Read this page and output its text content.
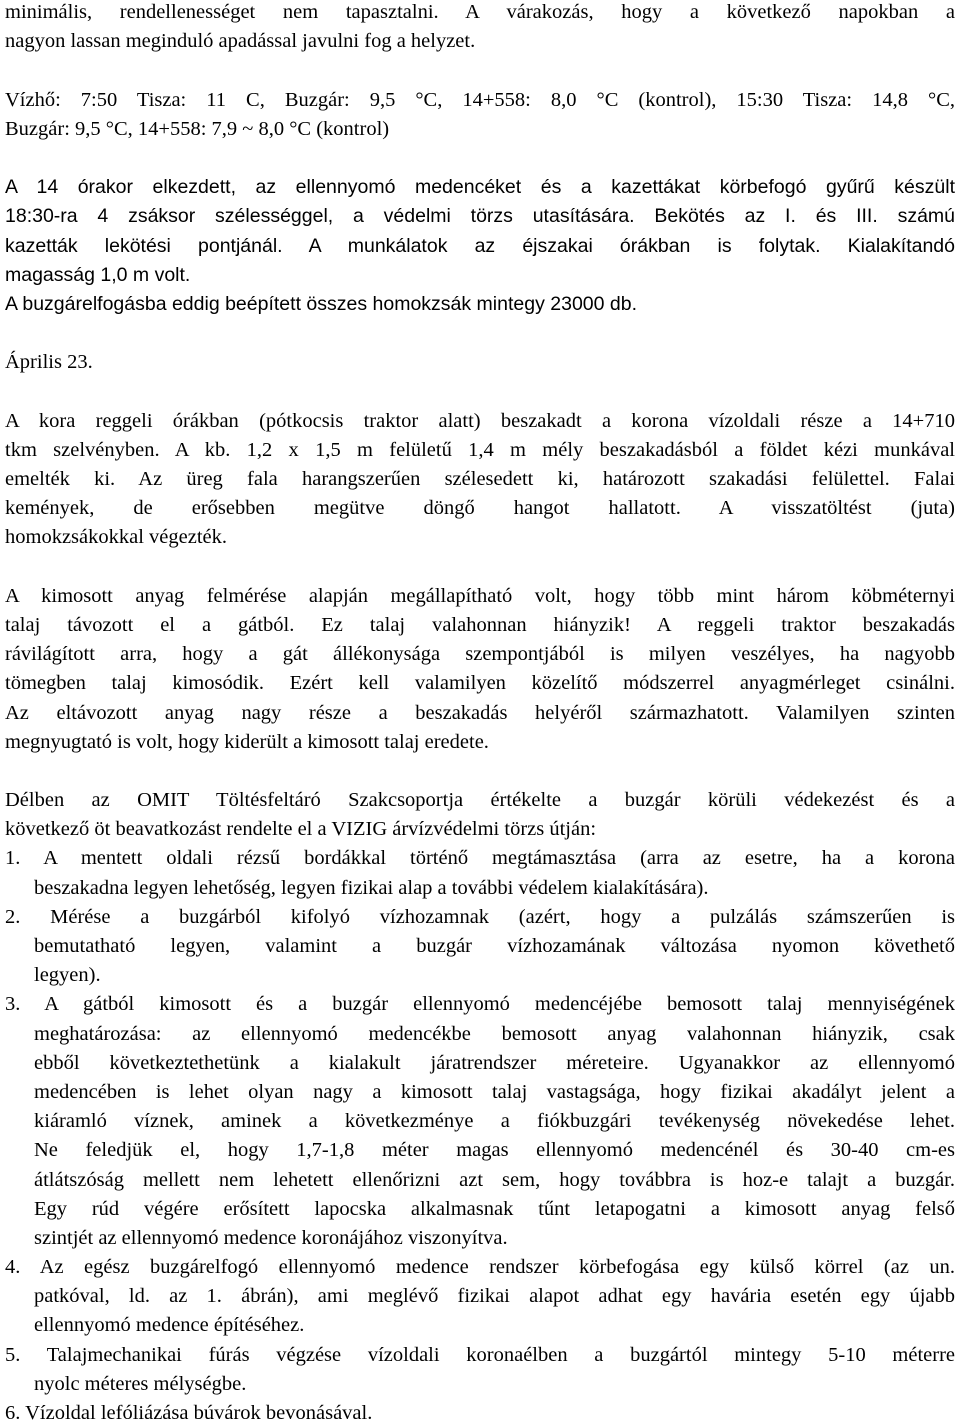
minimális, rendellenességet nem tapasztalni. A várakozás, hogy a következő napokban a
nagyon lassan meginduló apadással javulni fog a helyzet.
Vízhő: 7:50 Tisza: 11 C, Buzgár: 9,5 °C, 14+558: 8,0 °C (kontrol), 15:30 Tisza: 14,8 °C,
Buzgár: 9,5 °C, 14+558: 7,9 ~ 8,0 °C (kontrol)
A 14 órakor elkezdett, az ellennyomó medencéket és a kazettákat körbefogó gyűrű készült
18:30-ra 4 zsáksor szélességgel, a védelmi törzs utasítására. Bekötés az I. és III. számú
kazetták lekötési pontjánál. A munkálatok az éjszakai órákban is folytak. Kialakítandó
magasság 1,0 m volt.
A buzgárelfogásba eddig beépített összes homokzsák mintegy 23000 db.
Április 23.
A kora reggeli órákban (pótkocsis traktor alatt) beszakadt a korona vízoldali része a 14+710
tkm szelvényben. A kb. 1,2 x 1,5 m felületű 1,4 m mély beszakadásból a földet kézi munkával
emelték ki. Az üreg fala harangszerűen szélesedett ki, határozott szakadási felülettel. Falai
kemények, de erősebben megütve döngő hangot hallatott. A visszatöltést (juta)
homokzsákokkal végezték.
A kimosott anyag felmérése alapján megállapítható volt, hogy több mint három köbméternyi
talaj távozott el a gátból. Ez talaj valahonnan hiányzik! A reggeli traktor beszakadás
rávilágított arra, hogy a gát állékonysága szempontjából is milyen veszélyes, ha nagyobb
tömegben talaj kimosódik. Ezért kell valamilyen közelítő módszerrel anyagmérleget csinálni.
Az eltávozott anyag nagy része a beszakadás helyéről származhatott. Valamilyen szinten
megnyugtató is volt, hogy kiderült a kimosott talaj eredete.
Délben az OMIT Töltésfeltáró Szakcsoportja értékelte a buzgár körüli védekezést és a
következő öt beavatkozást rendelte el a VIZIG árvízvédelmi törzs útján:
1. A mentett oldali rézsű bordákkal történő megtámasztása (arra az esetre, ha a korona
beszakadna legyen lehetőség, legyen fizikai alap a további védelem kialakítására).
2. Mérése a buzgárból kifolyó vízhozamnak (azért, hogy a pulzálás számszerűen is
bemutatható legyen, valamint a buzgár vízhozamának változása nyomon követhető
legyen).
3. A gátból kimosott és a buzgár ellennyomó medencéjébe bemosott talaj mennyiségének
meghatározása: az ellennyomó medencékbe bemosott anyag valahonnan hiányzik, csak
ebből következtethetünk a kialakult járatrendszer méreteire. Ugyanakkor az ellennyomó
medencében is lehet olyan nagy a kimosott talaj vastagsága, hogy fizikai akadályt jelent a
kiáramló víznek, aminek a következménye a fiókbuzgári tevékenység növekedése lehet.
Ne feledjük el, hogy 1,7-1,8 méter magas ellennyomó medencénél és 30-40 cm-es
átlátszóság mellett nem lehetett ellenőrizni azt sem, hogy továbbra is hoz-e talajt a buzgár.
Egy rúd végére erősített lapocska alkalmasnak tűnt letapogatni a kimosott anyag felső
szintjét az ellennyomó medence koronájához viszonyítva.
4. Az egész buzgárelfogó ellennyomó medence rendszer körbefogása egy külső körrel (az un.
patkóval, ld. az 1. ábrán), ami meglévő fizikai alapot adhat egy havária esetén egy újabb
ellennyomó medence építéséhez.
5. Talajmechanikai fúrás végzése vízoldali koronaélben a buzgártól mintegy 5-10 méterre
nyolc méteres mélységbe.
6. Vízoldal lefóliázása búvárok bevonásával.
